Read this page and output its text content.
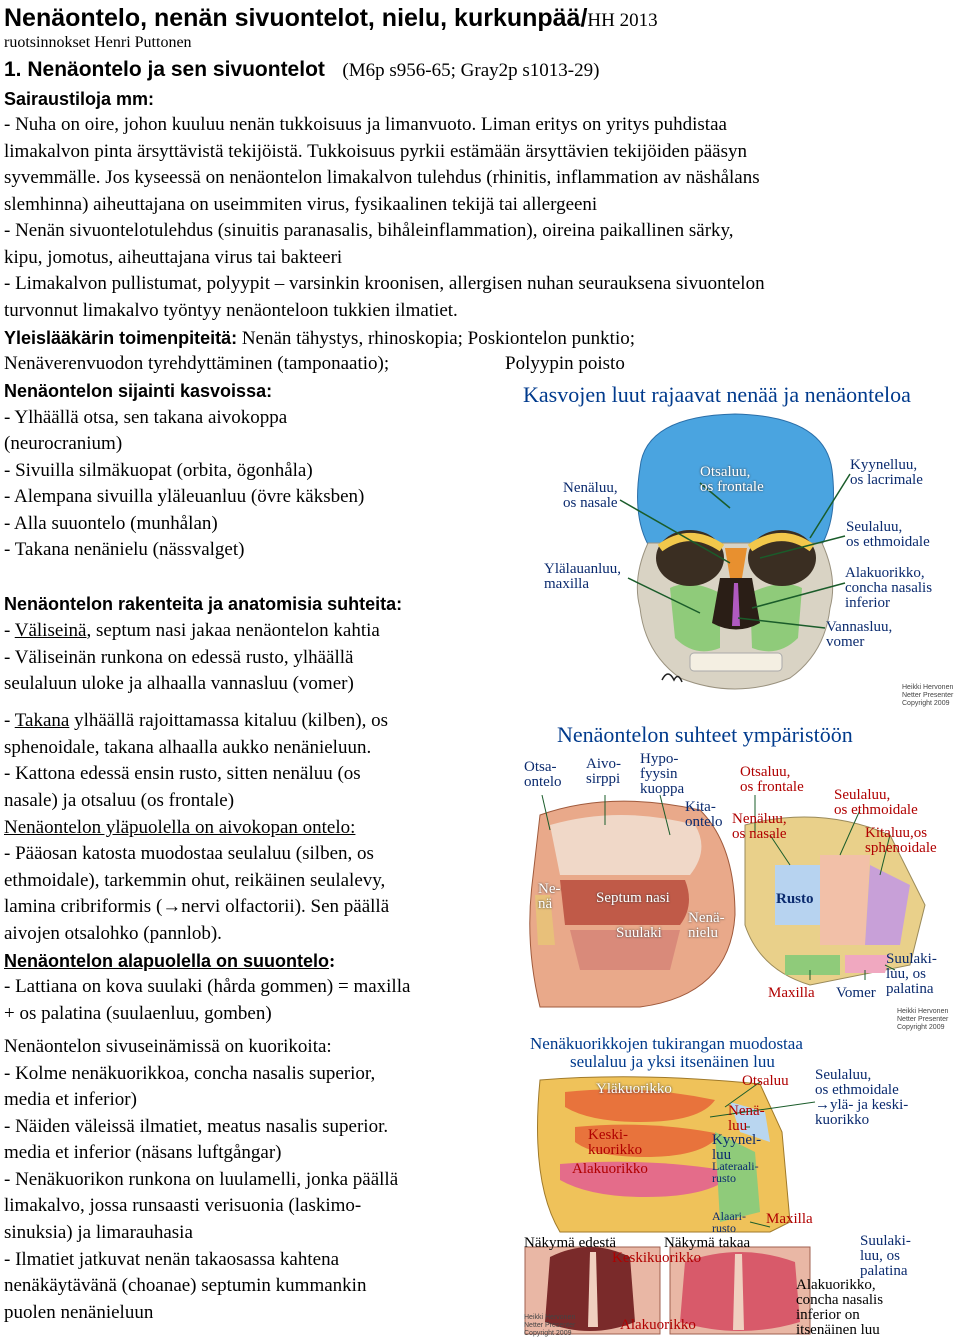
Nenäontelo, nenän sivuontelot, nielu, kurkunpää/HH 2013
ruotsinnokset Henri Puttonen
1. Nenäontelo ja sen sivuontelot (M6p s956-65; Gray2p s1013-29)
Sairaustiloja mm:
- Nuha on oire, johon kuuluu nenän tukkoisuus ja limanvuoto. Liman eritys on yritys puhdistaa
limakalvon pinta ärsyttävistä tekijöistä. Tukkoisuus pyrkii estämään ärsyttävien tekijöiden pääsyn
syvemmälle. Jos kyseessä on nenäontelon limakalvon tulehdus (rhinitis, inflammation av näshålans
slemhinna) aiheuttajana on useimmiten virus, fysikaalinen tekijä tai allergeeni
- Nenän sivuontelotulehdus (sinuitis paranasalis, bihåleinflammation), oireina paikallinen särky,
kipu, jomotus, aiheuttajana virus tai bakteeri
- Limakalvon pullistumat, polyypit – varsinkin kroonisen, allergisen nuhan seurauksena sivuontelon
turvonnut limakalvo työntyy nenäonteloon tukkien ilmatiet.
Yleislääkärin toimenpiteitä: Nenän tähystys, rhinoskopia; Poskiontelon punktio;
Nenäverenvuodon tyrehdyttäminen (tamponaatio);	Polyypin poisto
Nenäontelon sijainti kasvoissa:
- Ylhäällä otsa, sen takana aivokoppa
(neurocranium)
- Sivuilla silmäkuopat (orbita, ögonhåla)
- Alempana sivuilla yläleuanluu (övre käksben)
- Alla suuontelo (munhålan)
- Takana nenänielu (nässvalget)
Nenäontelon rakenteita ja anatomisia suhteita:
- Väliseinä, septum nasi jakaa nenäontelon kahtia
- Väliseinän runkona on edessä rusto, ylhäällä
seulaluun uloke ja alhaalla vannasluu (vomer)
- Takana ylhäällä rajoittamassa kitaluu (kilben), os
sphenoidale, takana alhaalla aukko nenänieluun.
- Kattona edessä ensin rusto, sitten nenäluu (os
nasale) ja otsaluu (os frontale)
Nenäontelon yläpuolella on aivokopan ontelo:
- Pääosan katosta muodostaa seulaluu (silben, os
ethmoidale), tarkemmin ohut, reikäinen seulalevy,
lamina cribriformis (→nervi olfactorii). Sen päällä
aivojen otsalohko (pannlob).
Nenäontelon alapuolella on suuontelo:
- Lattiana on kova suulaki (hårda gommen) = maxilla
+ os palatina (suulaenluu, gomben)
Nenäontelon sivuseinämissä on kuorikoita:
- Kolme nenäkuorikkoa, concha nasalis superior,
media et inferior)
- Näiden väleissä ilmatiet, meatus nasalis superior.
media et inferior (näsans luftgångar)
- Nenäkuorikon runkona on luulamelli, jonka päällä
limakalvo, jossa runsaasti verisuonia (laskimo-
sinuksia) ja limarauhasia
- Ilmatiet jatkuvat nenän takaosassa kahtena
nenäkäytävänä (choanae) septumin kummankin
puolen nenänieluun
Kasvojen luut rajaavat nenää ja nenäonteloa
Nenäluu,
os nasale
Otsaluu,
os frontale
Kyynelluu,
os lacrimale
Seulaluu,
os ethmoidale
Ylälauanluu,
maxilla
Alakuorikko,
concha nasalis
inferior
Vannasluu,
vomer
Heikki Hervonen
Netter Presenter
Copyright 2009
Nenäontelon suhteet ympäristöön
Otsa-
ontelo
Aivo-
sirppi
Hypo-
fyysin
kuoppa
Otsaluu,
os frontale
Kita-
ontelo Nenäluu,
os nasale
Seulaluu,
os ethmoidale
Kitaluu,os
sphenoidale
Ne-
nä	Septum nasi
Suulaki
Nenä-
nielu
Rusto
Maxilla Vomer
Suulaki-
luu, os
palatina
Heikki Hervonen
Netter Presenter
Copyright 2009
Nenäkuorikkojen tukirangan muodostaa
seulaluu ja yksi itsenäinen luu
Otsaluu Seulaluu,
os ethmoidale
→ylä- ja keski-
kuorikko
Yläkuorikko
Nenä-
luu
Keski-
kuorikko
Kyynel-
luu
Alakuorikko	Lateraali-
rusto
Alaari-
rusto
Maxilla
Näkymä edestä	Näkymä takaa
Keskikuorikko
Suulaki-
luu, os
palatina
Alakuorikko,
concha nasalis
inferior on
itsenäinen luu
Alakuorikko
Heikki Hervonen
Netter Presenter
Copyright 2009
